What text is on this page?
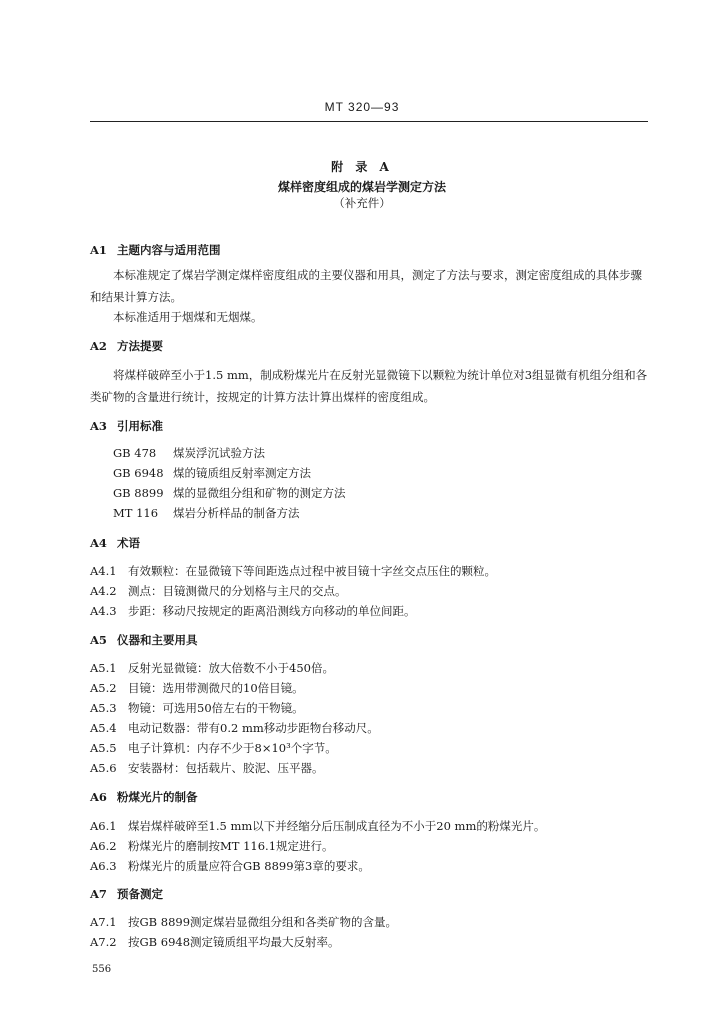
MT 320—93
附 录 A
煤样密度组成的煤岩学测定方法
（补充件）
A1 主题内容与适用范围
本标准规定了煤岩学测定煤样密度组成的主要仪器和用具，测定了方法与要求，测定密度组成的具体步骤和结果计算方法。
本标准适用于烟煤和无烟煤。
A2 方法提要
将煤样破碎至小于1.5 mm，制成粉煤光片在反射光显微镜下以颗粒为统计单位对3组显微有机组分组和各类矿物的含量进行统计，按规定的计算方法计算出煤样的密度组成。
A3 引用标准
GB 478 煤炭浮沉试验方法
GB 6948 煤的镜质组反射率测定方法
GB 8899 煤的显微组分组和矿物的测定方法
MT 116 煤岩分析样品的制备方法
A4 术语
A4.1 有效颗粒：在显微镜下等间距选点过程中被目镜十字丝交点压住的颗粒。
A4.2 测点：目镜测微尺的分划格与主尺的交点。
A4.3 步距：移动尺按规定的距离沿测线方向移动的单位间距。
A5 仪器和主要用具
A5.1 反射光显微镜：放大倍数不小于450倍。
A5.2 目镜：选用带测微尺的10倍目镜。
A5.3 物镜：可选用50倍左右的干物镜。
A5.4 电动记数器：带有0.2 mm移动步距物台移动尺。
A5.5 电子计算机：内存不少于8×10³个字节。
A5.6 安装器材：包括载片、胶泥、压平器。
A6 粉煤光片的制备
A6.1 煤岩煤样破碎至1.5 mm以下并经缩分后压制成直径为不小于20 mm的粉煤光片。
A6.2 粉煤光片的磨制按MT 116.1规定进行。
A6.3 粉煤光片的质量应符合GB 8899第3章的要求。
A7 预备测定
A7.1 按GB 8899测定煤岩显微组分组和各类矿物的含量。
A7.2 按GB 6948测定镜质组平均最大反射率。
556
